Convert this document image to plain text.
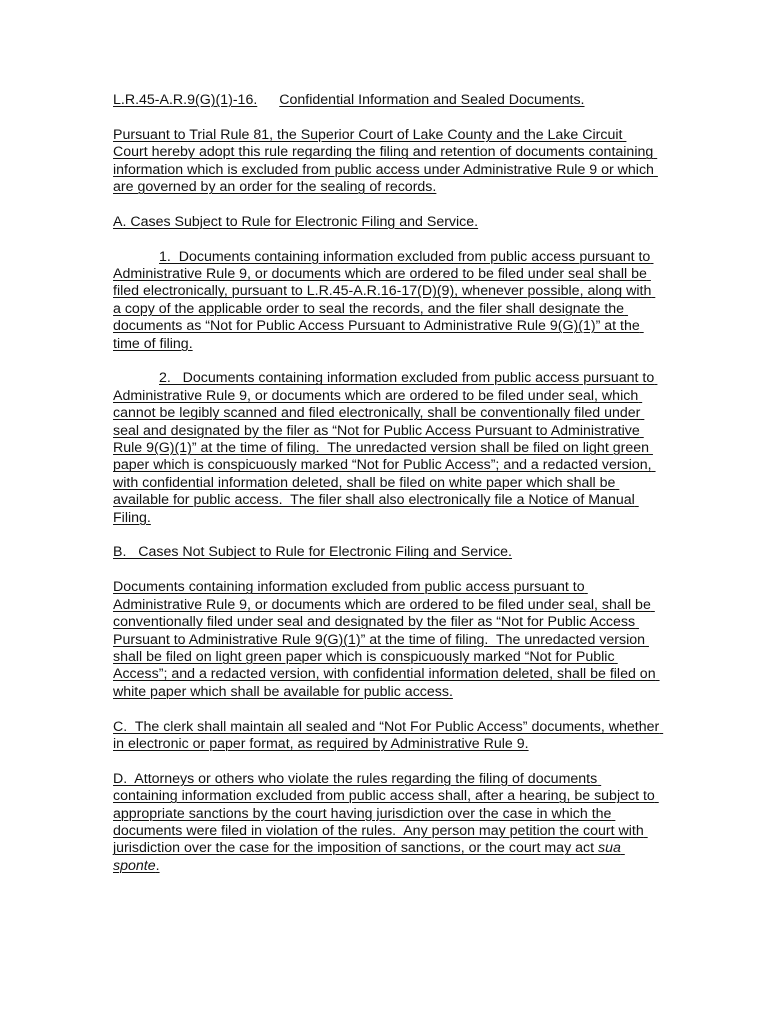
L.R.45-A.R.9(G)(1)-16. Confidential Information and Sealed Documents.

Pursuant to Trial Rule 81, the Superior Court of Lake County and the Lake Circuit Court hereby adopt this rule regarding the filing and retention of documents containing information which is excluded from public access under Administrative Rule 9 or which are governed by an order for the sealing of records.

A. Cases Subject to Rule for Electronic Filing and Service.

1.  Documents containing information excluded from public access pursuant to Administrative Rule 9, or documents which are ordered to be filed under seal shall be filed electronically, pursuant to L.R.45-A.R.16-17(D)(9), whenever possible, along with a copy of the applicable order to seal the records, and the filer shall designate the documents as “Not for Public Access Pursuant to Administrative Rule 9(G)(1)” at the time of filing.

2.   Documents containing information excluded from public access pursuant to Administrative Rule 9, or documents which are ordered to be filed under seal, which cannot be legibly scanned and filed electronically, shall be conventionally filed under seal and designated by the filer as “Not for Public Access Pursuant to Administrative Rule 9(G)(1)” at the time of filing.  The unredacted version shall be filed on light green paper which is conspicuously marked “Not for Public Access”; and a redacted version, with confidential information deleted, shall be filed on white paper which shall be available for public access.  The filer shall also electronically file a Notice of Manual Filing.

B.   Cases Not Subject to Rule for Electronic Filing and Service.

Documents containing information excluded from public access pursuant to Administrative Rule 9, or documents which are ordered to be filed under seal, shall be conventionally filed under seal and designated by the filer as “Not for Public Access Pursuant to Administrative Rule 9(G)(1)” at the time of filing.  The unredacted version shall be filed on light green paper which is conspicuously marked “Not for Public Access”; and a redacted version, with confidential information deleted, shall be filed on white paper which shall be available for public access.

C.  The clerk shall maintain all sealed and “Not For Public Access” documents, whether in electronic or paper format, as required by Administrative Rule 9.

D.  Attorneys or others who violate the rules regarding the filing of documents containing information excluded from public access shall, after a hearing, be subject to appropriate sanctions by the court having jurisdiction over the case in which the documents were filed in violation of the rules.  Any person may petition the court with jurisdiction over the case for the imposition of sanctions, or the court may act sua sponte.
